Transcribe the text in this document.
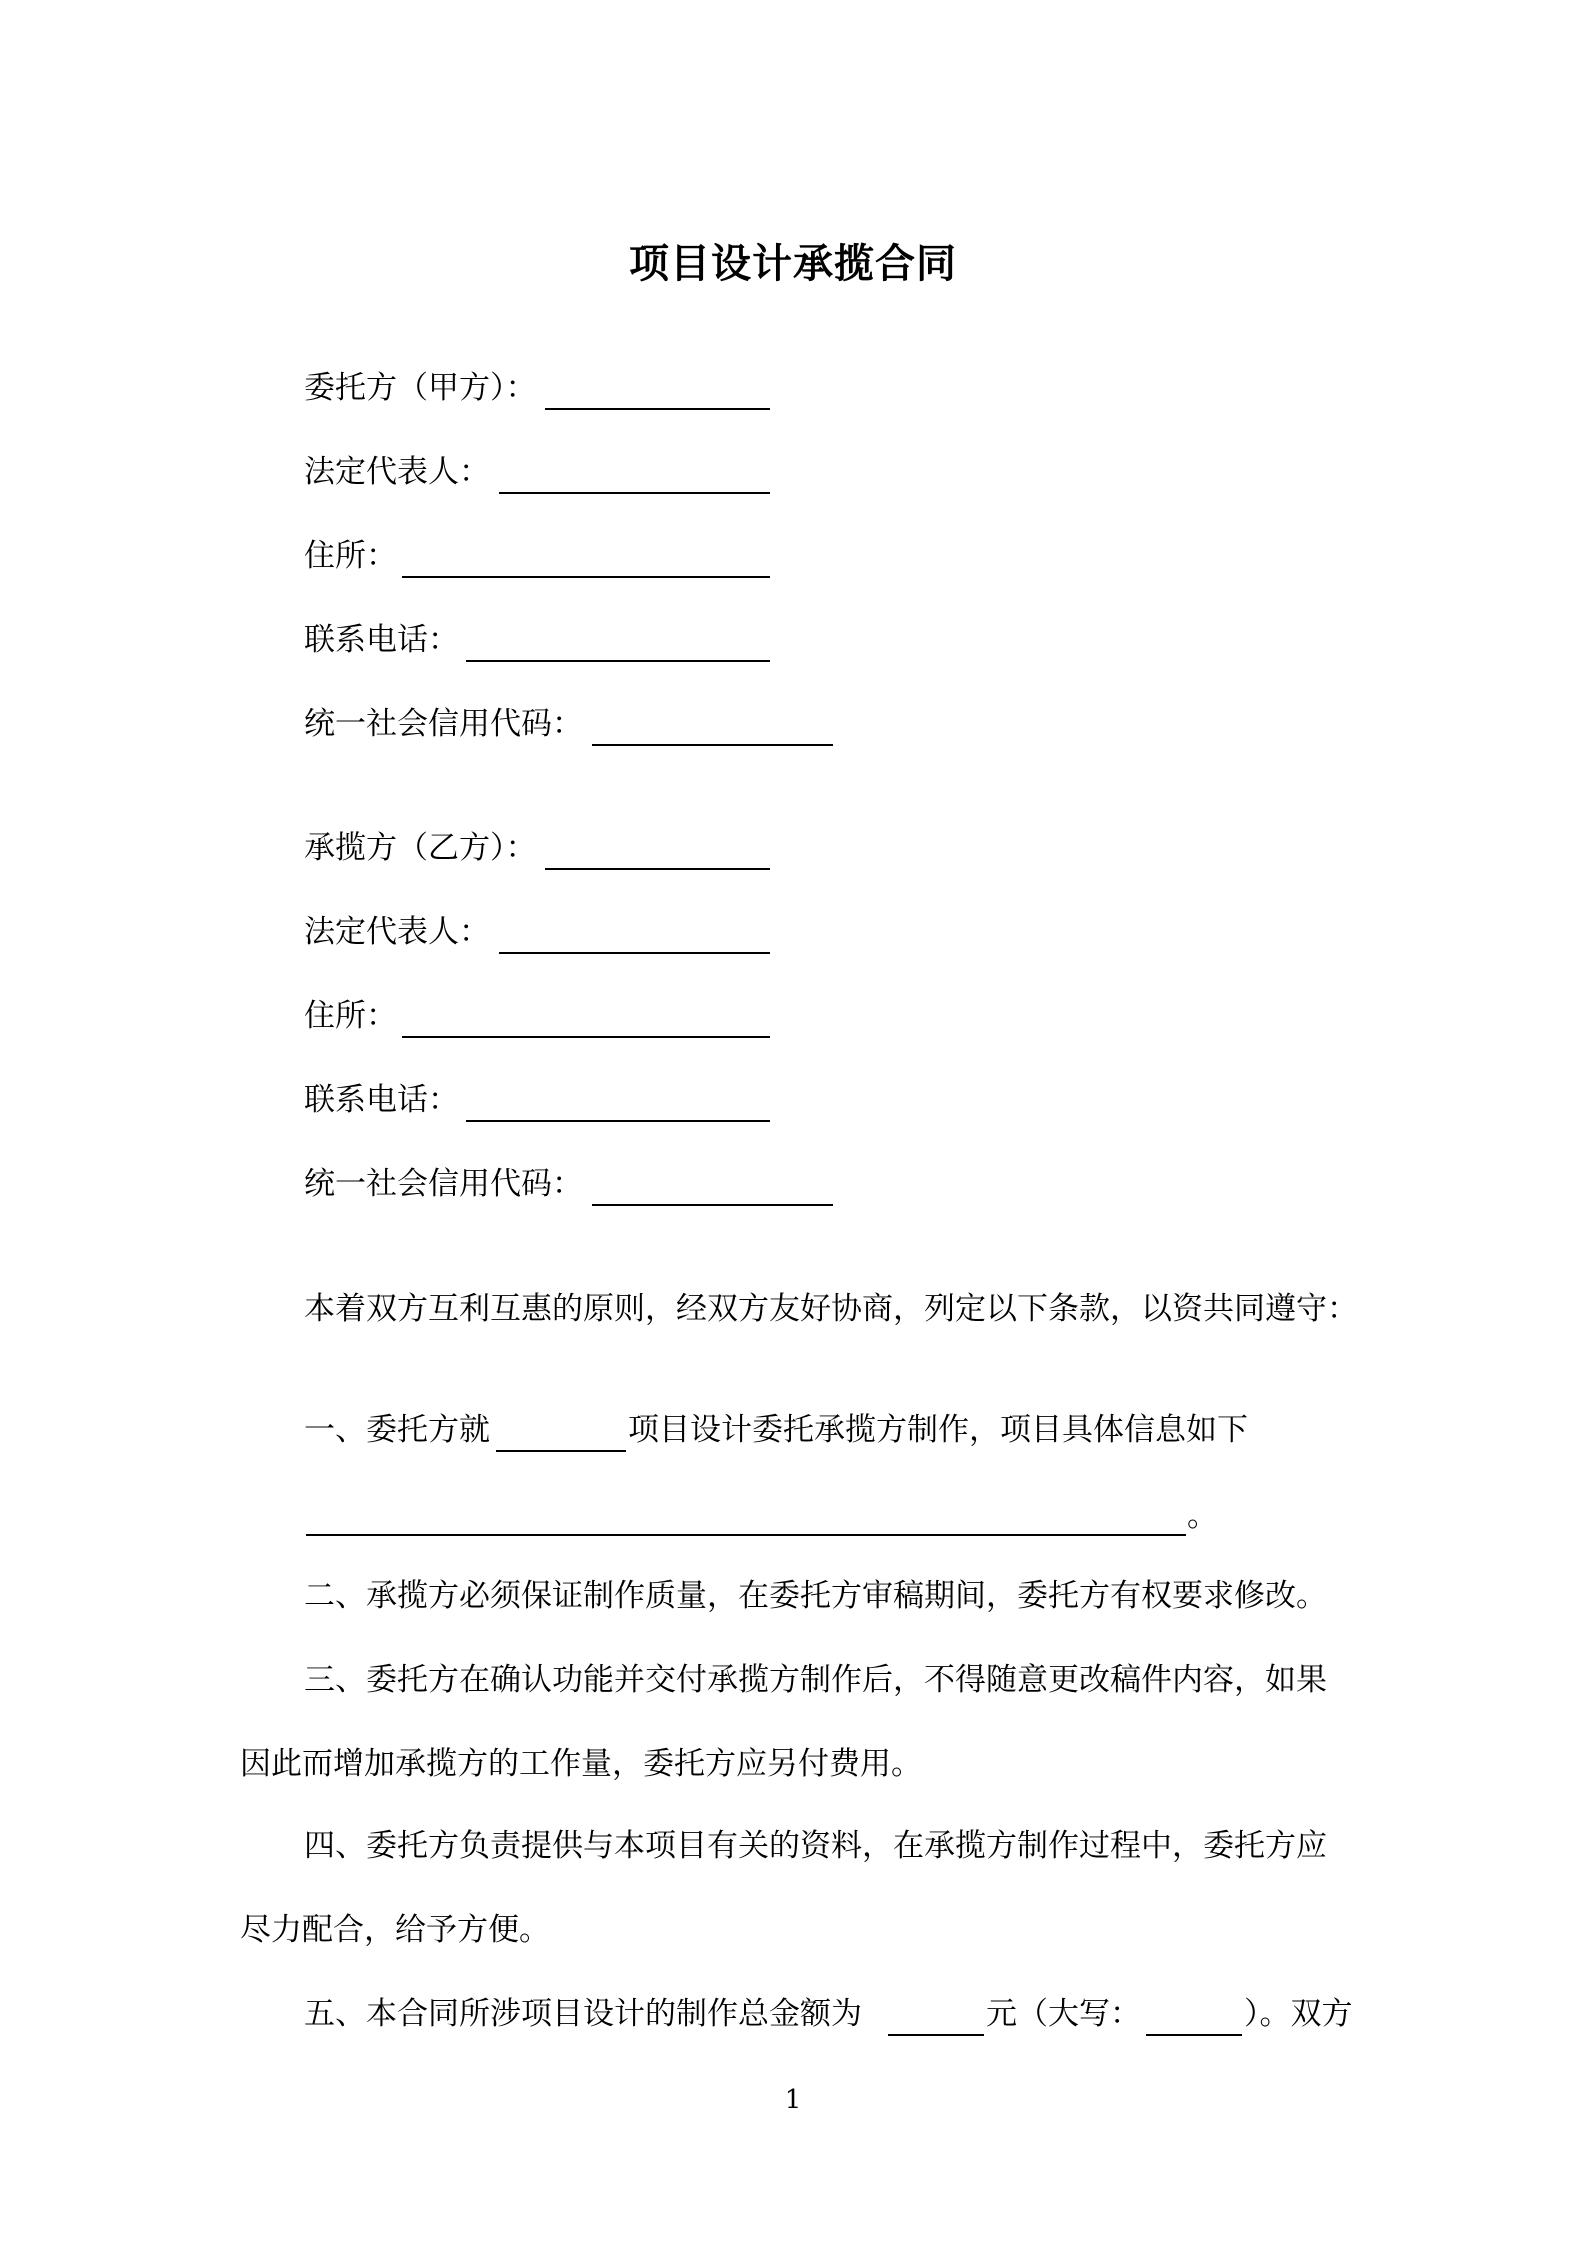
项目设计承揽合同
委托方（甲方）：
法定代表人：
住所：
联系电话：
统一社会信用代码：
承揽方（乙方）：
法定代表人：
住所：
联系电话：
统一社会信用代码：
本着双方互利互惠的原则，经双方友好协商，列定以下条款，以资共同遵守：
一、委托方就	项目设计委托承揽方制作，项目具体信息如下
。
二、承揽方必须保证制作质量，在委托方审稿期间，委托方有权要求修改。
三、委托方在确认功能并交付承揽方制作后，不得随意更改稿件内容，如果
因此而增加承揽方的工作量，委托方应另付费用。
四、委托方负责提供与本项目有关的资料，在承揽方制作过程中，委托方应
尽力配合，给予方便。
五、本合同所涉项目设计的制作总金额为	元（大写：	）。双方
1
